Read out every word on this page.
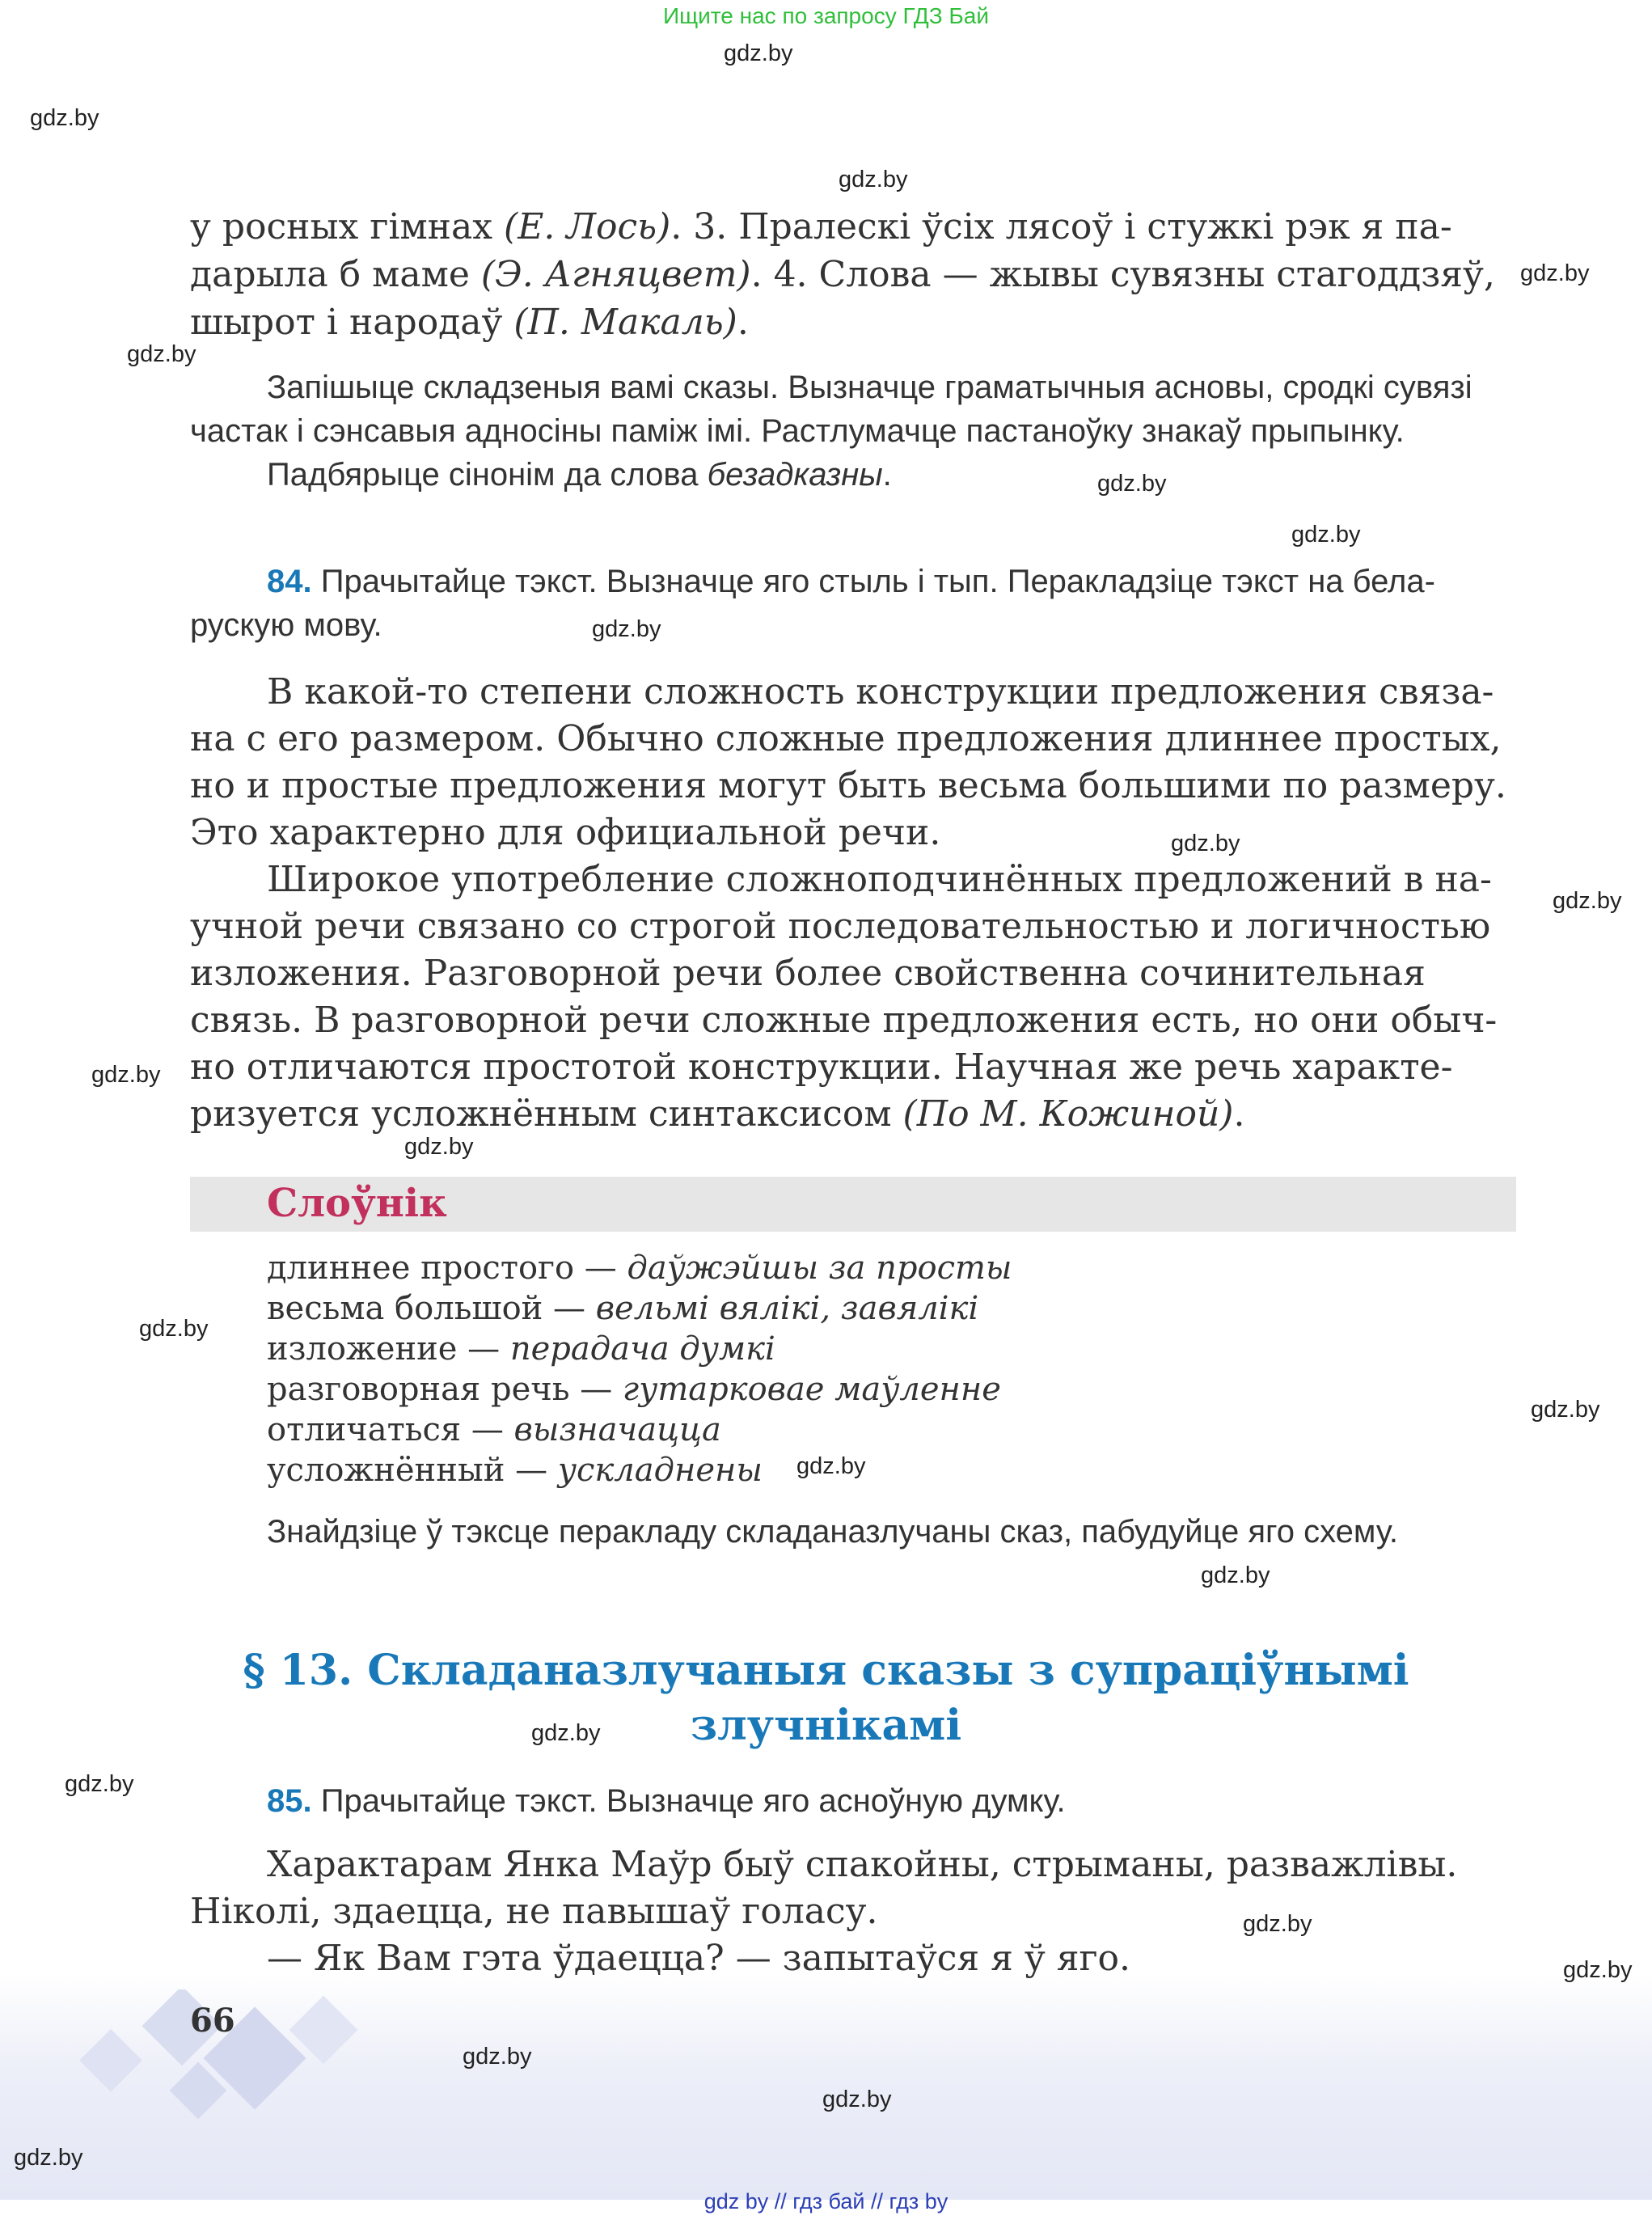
Ищите нас по запросу ГДЗ Бай
gdz.by
gdz.by
gdz.by
gdz.by
gdz.by
gdz.by
gdz.by
gdz.by
gdz.by
gdz.by
gdz.by
gdz.by
gdz.by
gdz.by
gdz.by
gdz.by
gdz.by
gdz.by
gdz.by
gdz.by
gdz.by
gdz.by
gdz.by
у росных гімнах (Е. Лось). 3. Пралескі ўсіх лясоў і стужкі рэк я па-
дарыла б маме (Э. Агняцвет). 4. Слова — жывы сувязны стагоддзяў,
шырот і народаў (П. Макаль).
Запішыце складзеныя вамі сказы. Вызначце граматычныя асновы, сродкі сувязі
частак і сэнсавыя адносіны паміж імі. Растлумачце пастаноўку знакаў прыпынку.
Падбярыце сінонім да слова безадказны.
84. Прачытайце тэкст. Вызначце яго стыль і тып. Перакладзіце тэкст на бела-
рускую мову.
В какой-то степени сложность конструкции предложения связа-
на с его размером. Обычно сложные предложения длиннее простых,
но и простые предложения могут быть весьма большими по размеру.
Это характерно для официальной речи.
Широкое употребление сложноподчинённых предложений в на-
учной речи связано со строгой последовательностью и логичностью
изложения. Разговорной речи более свойственна сочинительная
связь. В разговорной речи сложные предложения есть, но они обыч-
но отличаются простотой конструкции. Научная же речь характе-
ризуется усложнённым синтаксисом (По М. Кожиной).
Слоўнік
длиннее простого — даўжэйшы за просты
весьма большой — вельмі вялікі, завялікі
изложение — перадача думкі
разговорная речь — гутарковае маўленне
отличаться — вызначацца
усложнённый — ускладнены
Знайдзіце ў тэксце перакладу складаназлучаны сказ, пабудуйце яго схему.
§ 13. Складаназлучаныя сказы з супраціўнымі
злучнікамі
85. Прачытайце тэкст. Вызначце яго асноўную думку.
Характарам Янка Маўр быў спакойны, стрыманы, разважлівы.
Ніколі, здаецца, не павышаў голасу.
— Як Вам гэта ўдаецца? — запытаўся я ў яго.
66
gdz by // гдз бай // гдз by
